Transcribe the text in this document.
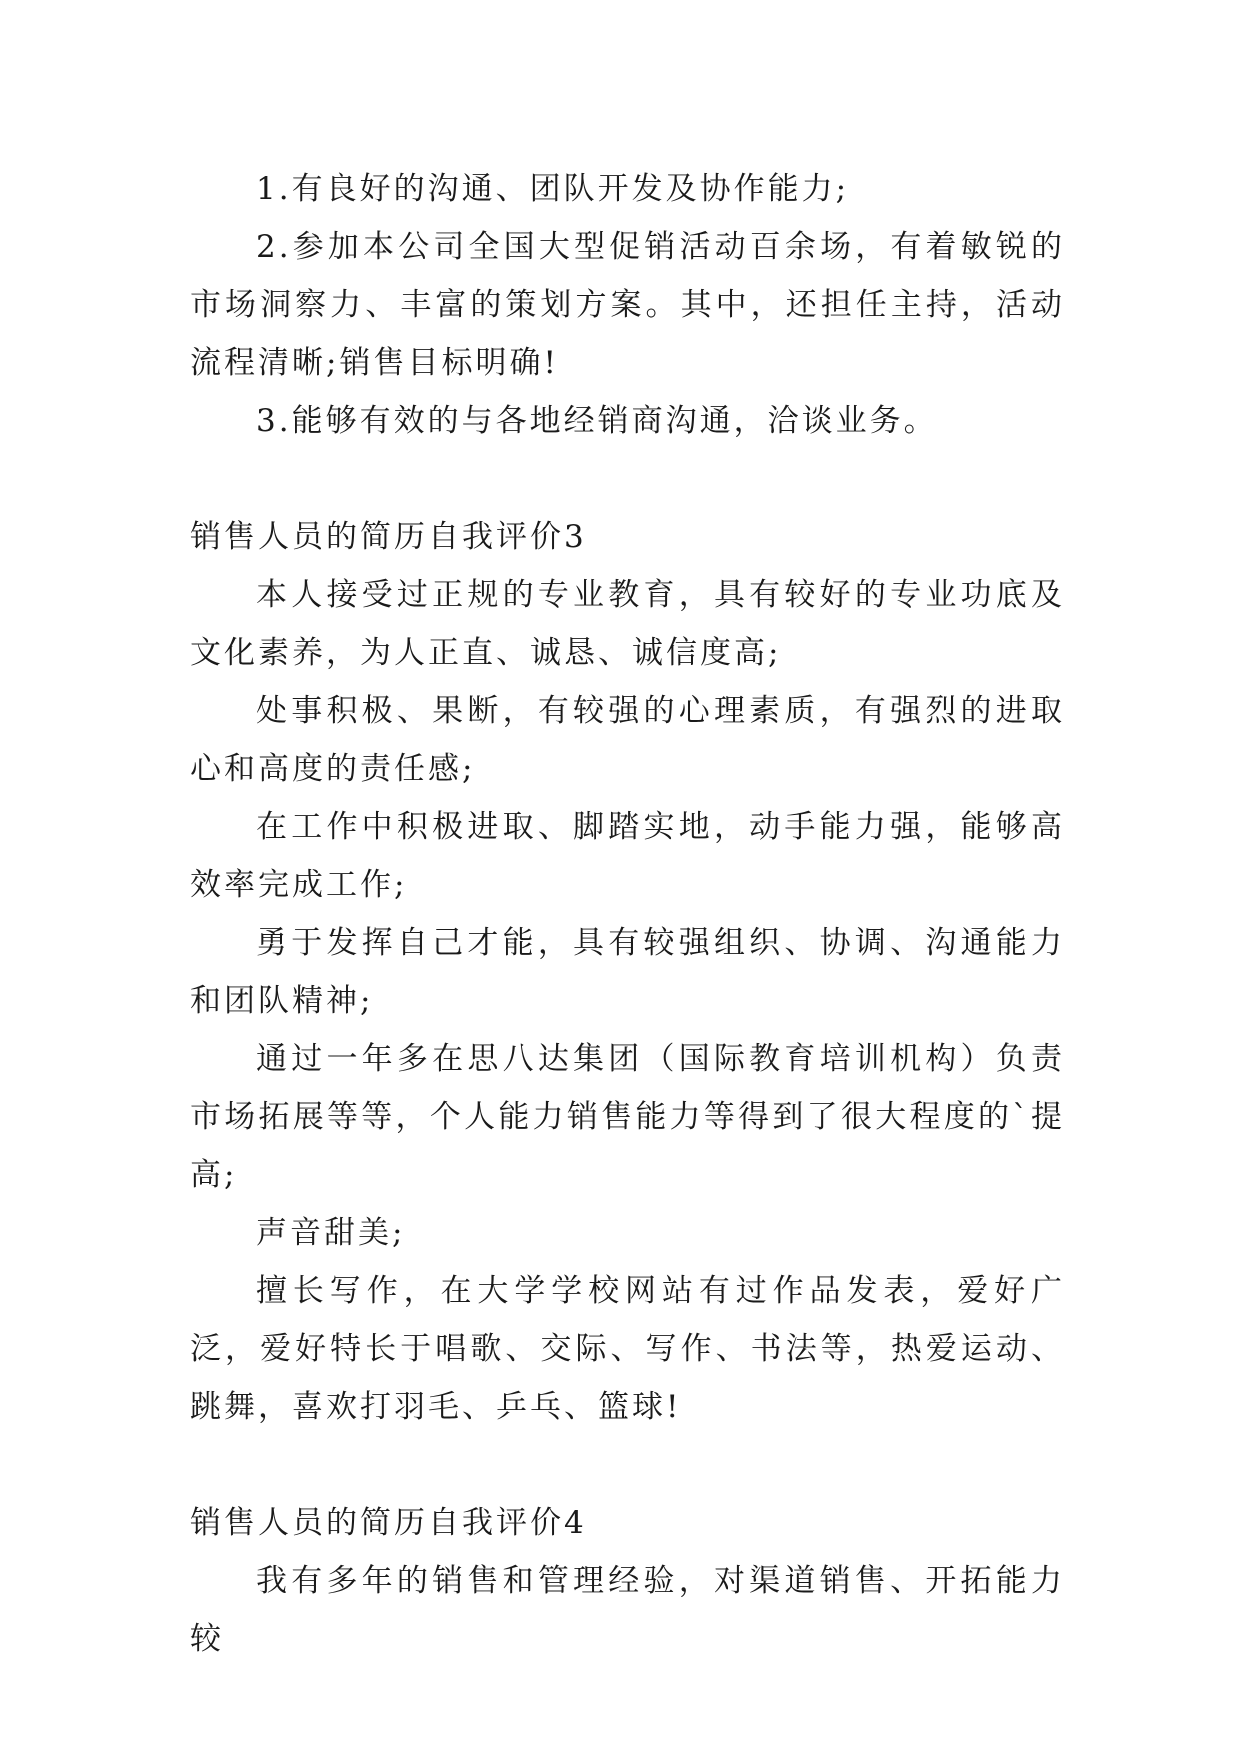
1.有良好的沟通、团队开发及协作能力;

2.参加本公司全国大型促销活动百余场，有着敏锐的市场洞察力、丰富的策划方案。其中，还担任主持，活动流程清晰;销售目标明确!

3.能够有效的与各地经销商沟通，洽谈业务。

销售人员的简历自我评价3

本人接受过正规的专业教育，具有较好的专业功底及文化素养，为人正直、诚恳、诚信度高;

处事积极、果断，有较强的心理素质，有强烈的进取心和高度的责任感;

在工作中积极进取、脚踏实地，动手能力强，能够高效率完成工作;

勇于发挥自己才能，具有较强组织、协调、沟通能力和团队精神;

通过一年多在思八达集团（国际教育培训机构）负责市场拓展等等，个人能力销售能力等得到了很大程度的`提高;

声音甜美;

擅长写作，在大学学校网站有过作品发表，爱好广泛，爱好特长于唱歌、交际、写作、书法等，热爱运动、跳舞，喜欢打羽毛、乒乓、篮球!

销售人员的简历自我评价4

我有多年的销售和管理经验，对渠道销售、开拓能力较
